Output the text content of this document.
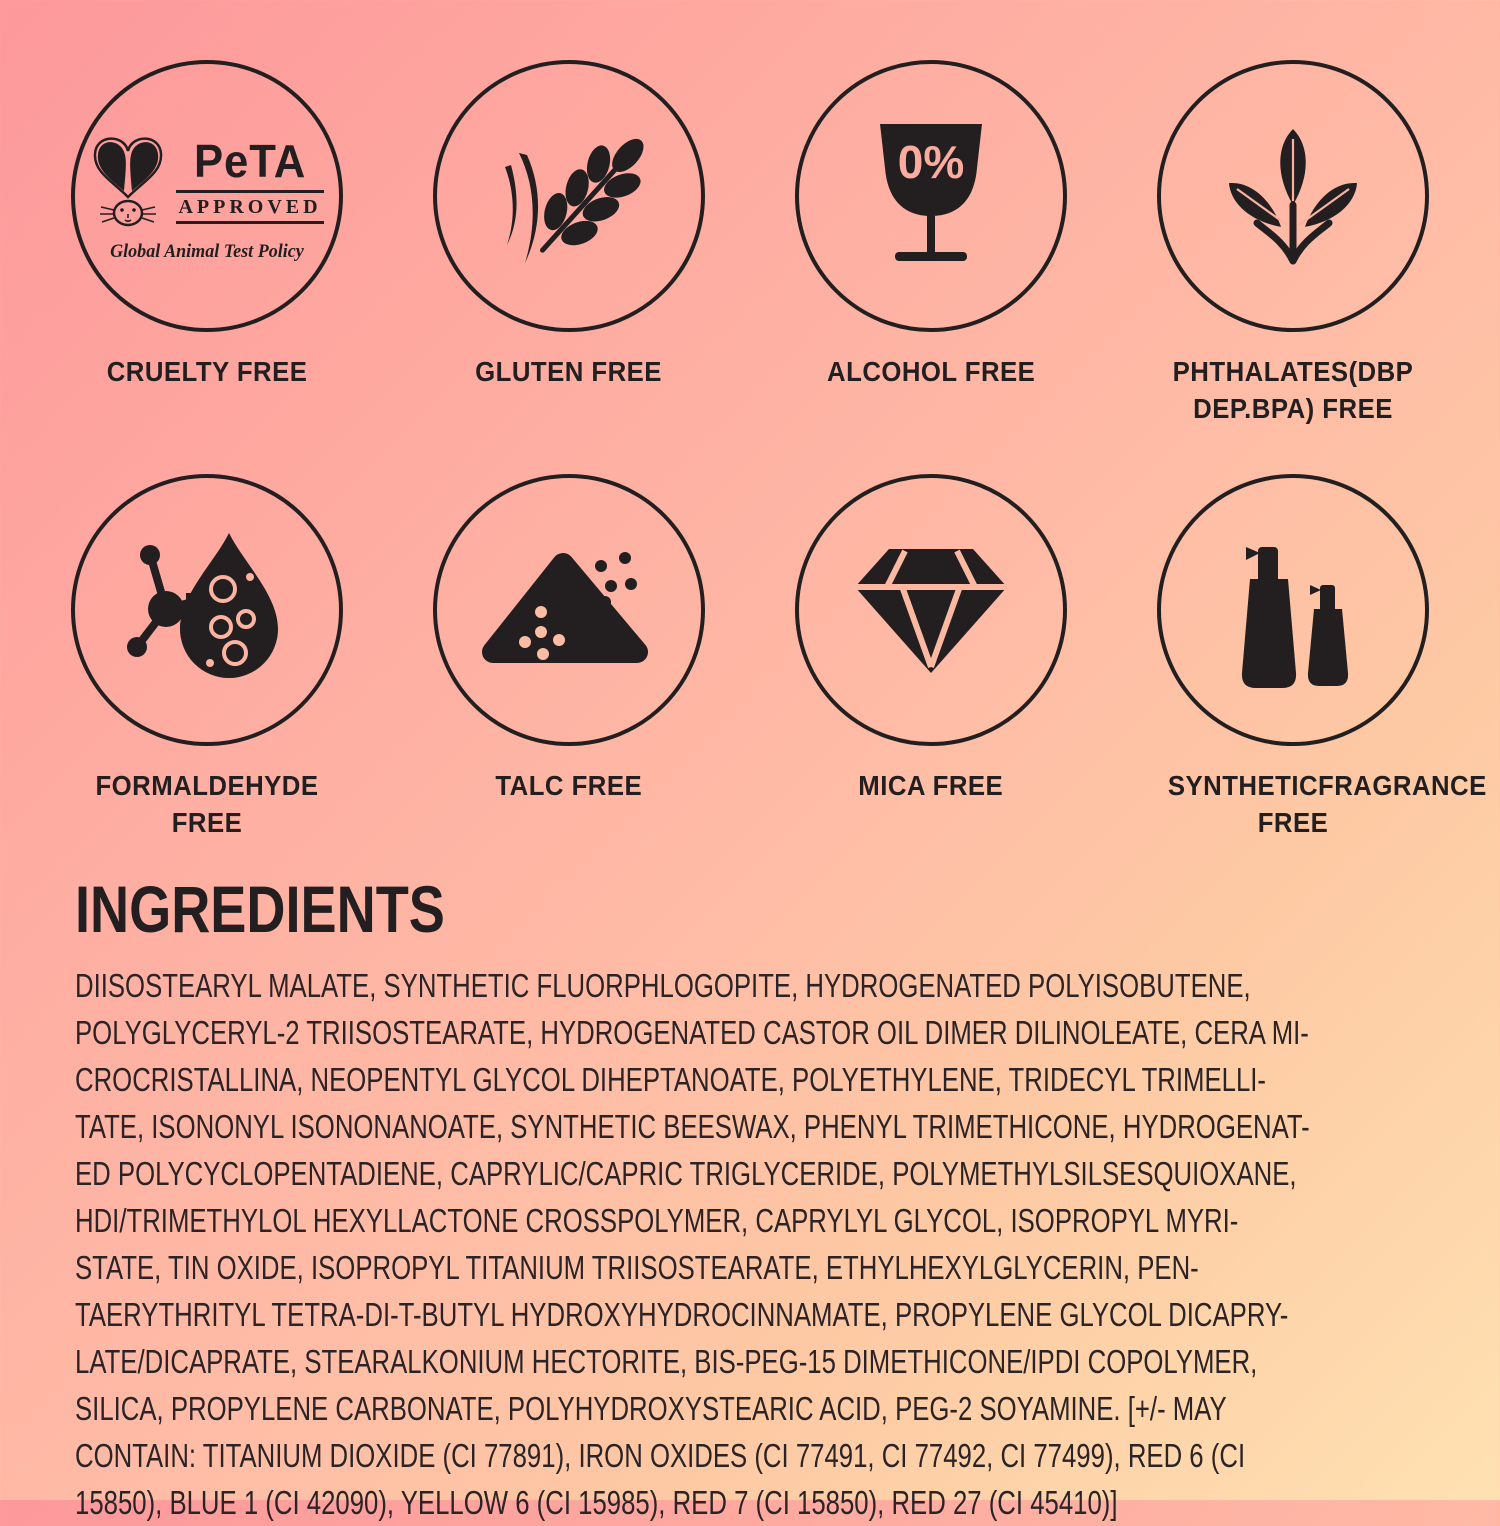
PeTA
APPROVED
Global Animal Test Policy
CRUELTY FREE	GLUTEN FREE
0%
ALCOHOL FREE	PHTHALATES(DBP DEP.BPA) FREE
FORMALDEHYDE FREE
TALC FREE	MICA FREE	SYNTHETICFRAGRANCE FREE
INGREDIENTS
DIISOSTEARYL MALATE, SYNTHETIC FLUORPHLOGOPITE, HYDROGENATED POLYISOBUTENE,
POLYGLYCERYL-2 TRIISOSTEARATE, HYDROGENATED CASTOR OIL DIMER DILINOLEATE, CERA MI-
CROCRISTALLINA, NEOPENTYL GLYCOL DIHEPTANOATE, POLYETHYLENE, TRIDECYL TRIMELLI-
TATE, ISONONYL ISONONANOATE, SYNTHETIC BEESWAX, PHENYL TRIMETHICONE, HYDROGENAT-
ED POLYCYCLOPENTADIENE, CAPRYLIC/CAPRIC TRIGLYCERIDE, POLYMETHYLSILSESQUIOXANE,
HDI/TRIMETHYLOL HEXYLLACTONE CROSSPOLYMER, CAPRYLYL GLYCOL, ISOPROPYL MYRI-
STATE, TIN OXIDE, ISOPROPYL TITANIUM TRIISOSTEARATE, ETHYLHEXYLGLYCERIN, PEN-
TAERYTHRITYL TETRA-DI-T-BUTYL HYDROXYHYDROCINNAMATE, PROPYLENE GLYCOL DICAPRY-
LATE/DICAPRATE, STEARALKONIUM HECTORITE, BIS-PEG-15 DIMETHICONE/IPDI COPOLYMER,
SILICA, PROPYLENE CARBONATE, POLYHYDROXYSTEARIC ACID, PEG-2 SOYAMINE. [+/- MAY
CONTAIN: TITANIUM DIOXIDE (CI 77891), IRON OXIDES (CI 77491, CI 77492, CI 77499), RED 6 (CI
15850), BLUE 1 (CI 42090), YELLOW 6 (CI 15985), RED 7 (CI 15850), RED 27 (CI 45410)]
